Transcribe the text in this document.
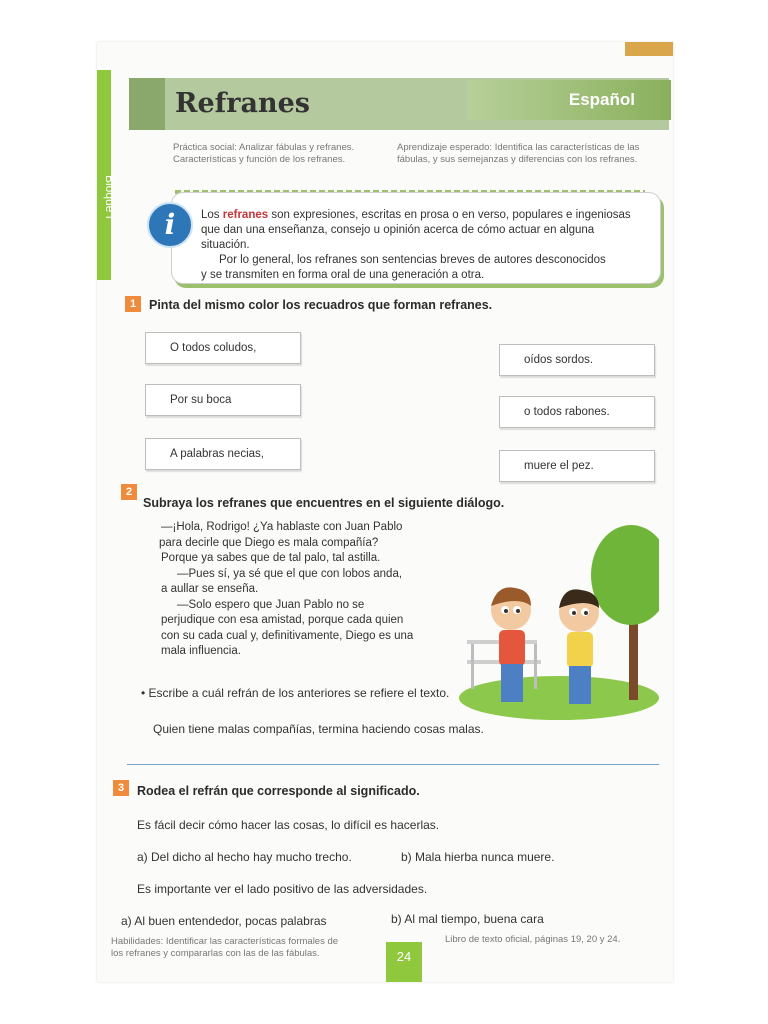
Bloque I
Refranes	Español
Práctica social: Analizar fábulas y refranes.
Características y función de los refranes.
Aprendizaje esperado: Identifica las características de las
fábulas, y sus semejanzas y diferencias con los refranes.
i	Los refranes son expresiones, escritas en prosa o en verso, populares e ingeniosas
que dan una enseñanza, consejo u opinión acerca de cómo actuar en alguna situación.
Por lo general, los refranes son sentencias breves de autores desconocidos
y se transmiten en forma oral de una generación a otra.
1	Pinta del mismo color los recuadros que forman refranes.
O todos coludos,
Por su boca
A palabras necias,
oídos sordos.
o todos rabones.
muere el pez.
2
Subraya los refranes que encuentres en el siguiente diálogo.
—¡Hola, Rodrigo! ¿Ya hablaste con Juan Pablo
para decirle que Diego es mala compañía?
Porque ya sabes que de tal palo, tal astilla.
—Pues sí, ya sé que el que con lobos anda,
a aullar se enseña.
—Solo espero que Juan Pablo no se
perjudique con esa amistad, porque cada quien
con su cada cual y, definitivamente, Diego es una
mala influencia.
• Escribe a cuál refrán de los anteriores se refiere el texto.
Quien tiene malas compañías, termina haciendo cosas malas.
3	Rodea el refrán que corresponde al significado.
Es fácil decir cómo hacer las cosas, lo difícil es hacerlas.
a) Del dicho al hecho hay mucho trecho.	b) Mala hierba nunca muere.
Es importante ver el lado positivo de las adversidades.
a) Al buen entendedor, pocas palabras	b) Al mal tiempo, buena cara
Habilidades: Identificar las características formales de
los refranes y compararlas con las de las fábulas.
Libro de texto oficial, páginas 19, 20 y 24.
24
